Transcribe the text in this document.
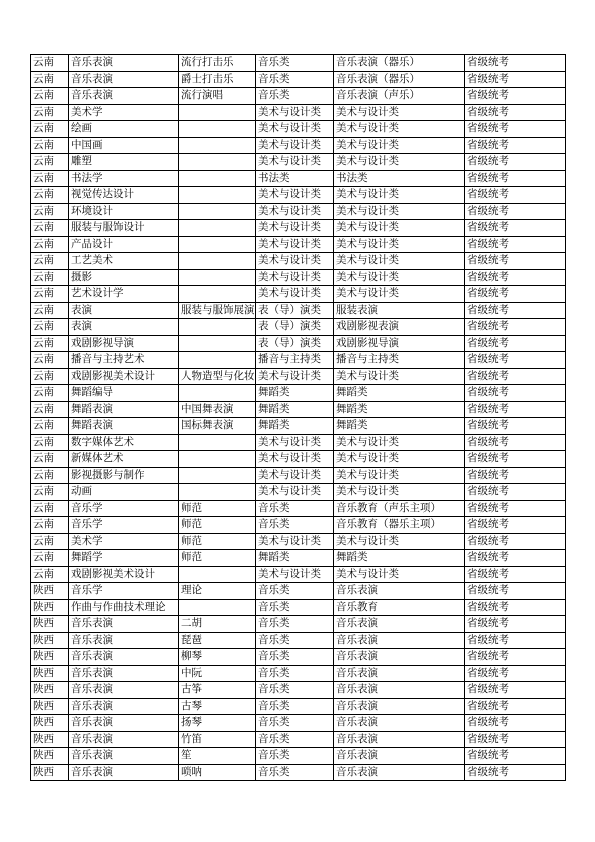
云南	音乐表演	流行打击乐	音乐类	音乐表演（器乐）	省级统考
云南	音乐表演	爵士打击乐	音乐类	音乐表演（器乐）	省级统考
云南	音乐表演	流行演唱	音乐类	音乐表演（声乐）	省级统考
云南	美术学		美术与设计类	美术与设计类	省级统考
云南	绘画		美术与设计类	美术与设计类	省级统考
云南	中国画		美术与设计类	美术与设计类	省级统考
云南	雕塑		美术与设计类	美术与设计类	省级统考
云南	书法学		书法类	书法类	省级统考
云南	视觉传达设计		美术与设计类	美术与设计类	省级统考
云南	环境设计		美术与设计类	美术与设计类	省级统考
云南	服装与服饰设计		美术与设计类	美术与设计类	省级统考
云南	产品设计		美术与设计类	美术与设计类	省级统考
云南	工艺美术		美术与设计类	美术与设计类	省级统考
云南	摄影		美术与设计类	美术与设计类	省级统考
云南	艺术设计学		美术与设计类	美术与设计类	省级统考
云南	表演	服装与服饰展演	表（导）演类	服装表演	省级统考
云南	表演		表（导）演类	戏剧影视表演	省级统考
云南	戏剧影视导演		表（导）演类	戏剧影视导演	省级统考
云南	播音与主持艺术		播音与主持类	播音与主持类	省级统考
云南	戏剧影视美术设计	人物造型与化妆	美术与设计类	美术与设计类	省级统考
云南	舞蹈编导		舞蹈类	舞蹈类	省级统考
云南	舞蹈表演	中国舞表演	舞蹈类	舞蹈类	省级统考
云南	舞蹈表演	国标舞表演	舞蹈类	舞蹈类	省级统考
云南	数字媒体艺术		美术与设计类	美术与设计类	省级统考
云南	新媒体艺术		美术与设计类	美术与设计类	省级统考
云南	影视摄影与制作		美术与设计类	美术与设计类	省级统考
云南	动画		美术与设计类	美术与设计类	省级统考
云南	音乐学	师范	音乐类	音乐教育（声乐主项）	省级统考
云南	音乐学	师范	音乐类	音乐教育（器乐主项）	省级统考
云南	美术学	师范	美术与设计类	美术与设计类	省级统考
云南	舞蹈学	师范	舞蹈类	舞蹈类	省级统考
云南	戏剧影视美术设计		美术与设计类	美术与设计类	省级统考
陕西	音乐学	理论	音乐类	音乐表演	省级统考
陕西	作曲与作曲技术理论		音乐类	音乐教育	省级统考
陕西	音乐表演	二胡	音乐类	音乐表演	省级统考
陕西	音乐表演	琵琶	音乐类	音乐表演	省级统考
陕西	音乐表演	柳琴	音乐类	音乐表演	省级统考
陕西	音乐表演	中阮	音乐类	音乐表演	省级统考
陕西	音乐表演	古筝	音乐类	音乐表演	省级统考
陕西	音乐表演	古琴	音乐类	音乐表演	省级统考
陕西	音乐表演	扬琴	音乐类	音乐表演	省级统考
陕西	音乐表演	竹笛	音乐类	音乐表演	省级统考
陕西	音乐表演	笙	音乐类	音乐表演	省级统考
陕西	音乐表演	唢呐	音乐类	音乐表演	省级统考
